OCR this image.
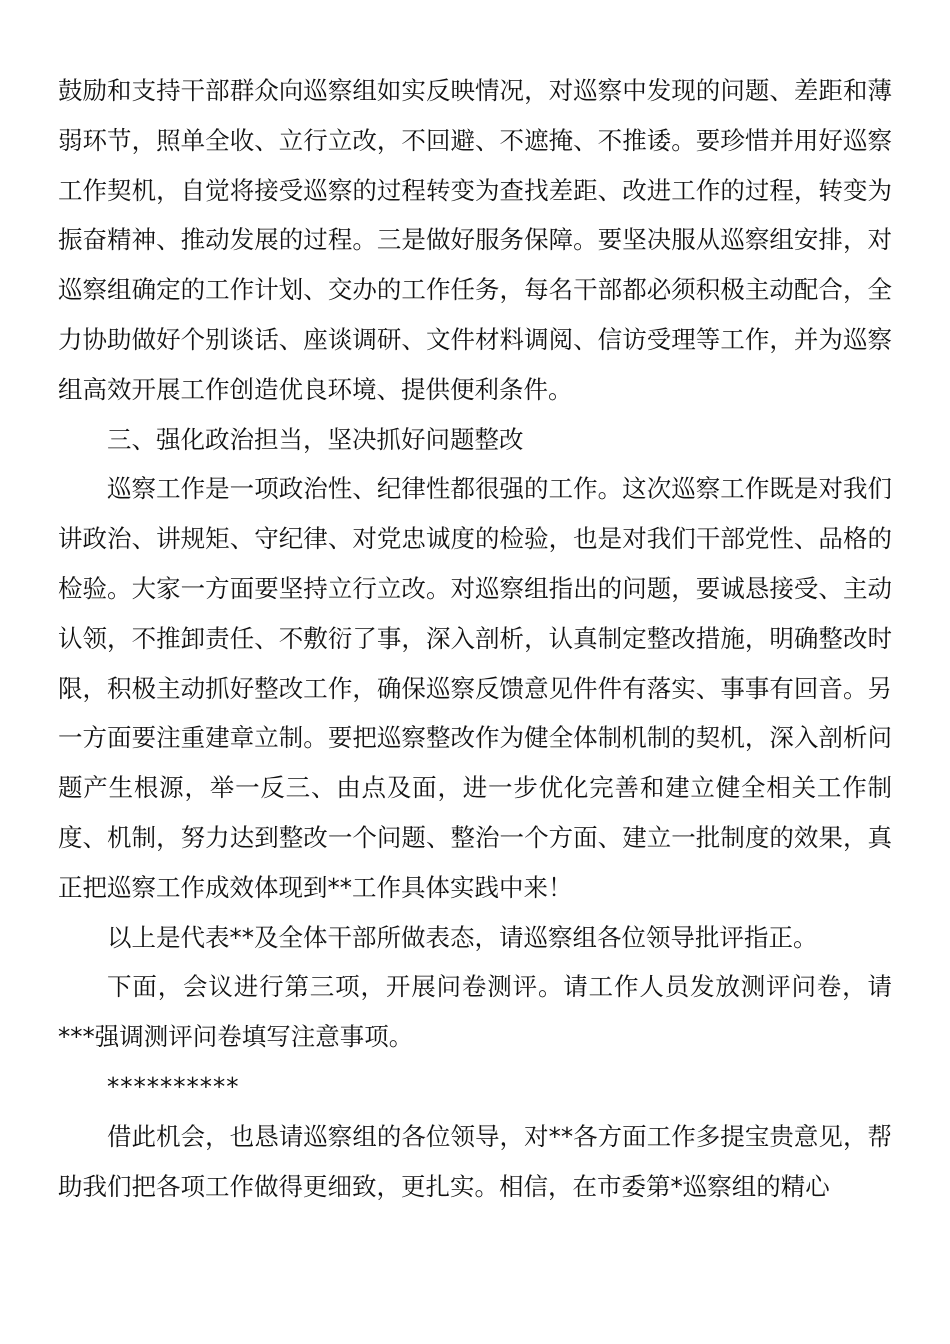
鼓励和支持干部群众向巡察组如实反映情况，对巡察中发现的问题、差距和薄弱环节，照单全收、立行立改，不回避、不遮掩、不推诿。要珍惜并用好巡察工作契机，自觉将接受巡察的过程转变为查找差距、改进工作的过程，转变为振奋精神、推动发展的过程。三是做好服务保障。要坚决服从巡察组安排，对巡察组确定的工作计划、交办的工作任务，每名干部都必须积极主动配合，全力协助做好个别谈话、座谈调研、文件材料调阅、信访受理等工作，并为巡察组高效开展工作创造优良环境、提供便利条件。

三、强化政治担当，坚决抓好问题整改

巡察工作是一项政治性、纪律性都很强的工作。这次巡察工作既是对我们讲政治、讲规矩、守纪律、对党忠诚度的检验，也是对我们干部党性、品格的检验。大家一方面要坚持立行立改。对巡察组指出的问题，要诚恳接受、主动认领，不推卸责任、不敷衍了事，深入剖析，认真制定整改措施，明确整改时限，积极主动抓好整改工作，确保巡察反馈意见件件有落实、事事有回音。另一方面要注重建章立制。要把巡察整改作为健全体制机制的契机，深入剖析问题产生根源，举一反三、由点及面，进一步优化完善和建立健全相关工作制度、机制，努力达到整改一个问题、整治一个方面、建立一批制度的效果，真正把巡察工作成效体现到**工作具体实践中来！

以上是代表**及全体干部所做表态，请巡察组各位领导批评指正。

下面，会议进行第三项，开展问卷测评。请工作人员发放测评问卷，请***强调测评问卷填写注意事项。

**********

借此机会，也恳请巡察组的各位领导，对**各方面工作多提宝贵意见，帮助我们把各项工作做得更细致，更扎实。相信，在市委第*巡察组的精心
